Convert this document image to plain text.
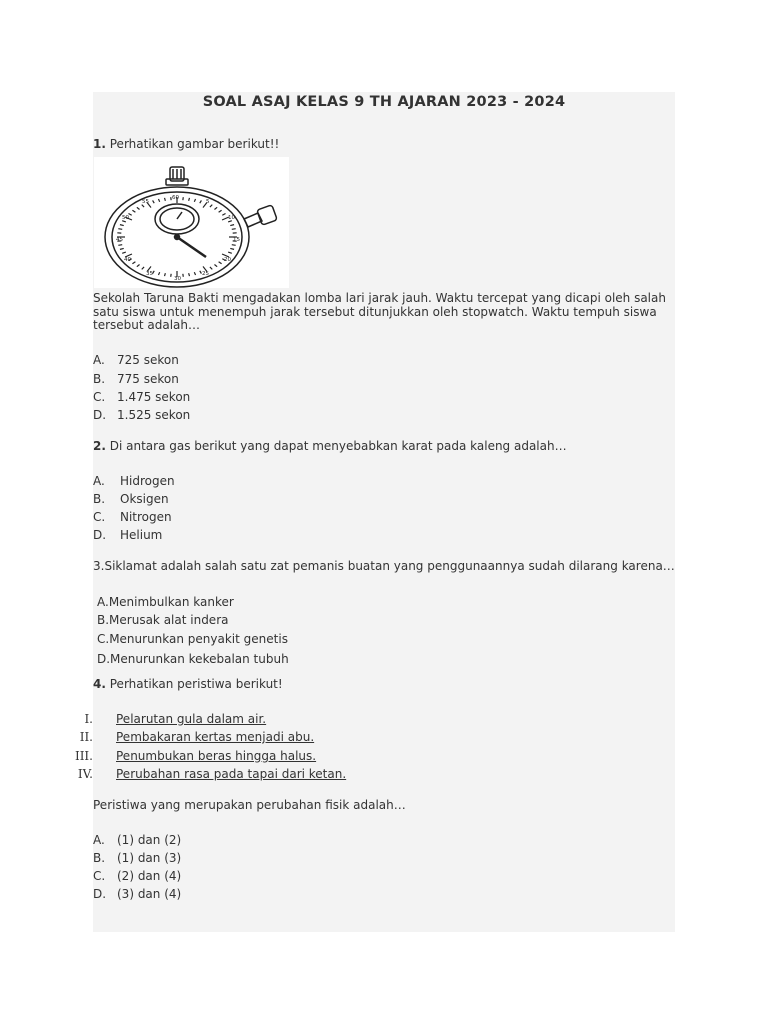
SOAL ASAJ KELAS 9 TH AJARAN 2023 - 2024
1. Perhatikan gambar berikut!!
60
5
10
15
20
25
30
35
40
45
50
55
Sekolah Taruna Bakti mengadakan lomba lari jarak jauh. Waktu tercepat yang dicapi oleh salah satu siswa untuk menempuh jarak tersebut ditunjukkan oleh stopwatch. Waktu tempuh siswa tersebut adalah…
A. 725 sekon
B. 775 sekon
C. 1.475 sekon
D. 1.525 sekon
2. Di antara gas berikut yang dapat menyebabkan karat pada kaleng adalah…
A. Hidrogen
B. Oksigen
C. Nitrogen
D. Helium
3.Siklamat adalah salah satu zat pemanis buatan yang penggunaannya sudah dilarang karena…
A.Menimbulkan kanker
B.Merusak alat indera
C.Menurunkan penyakit genetis
D.Menurunkan kekebalan tubuh
4. Perhatikan peristiwa berikut!
I. Pelarutan gula dalam air.
II. Pembakaran kertas menjadi abu.
III. Penumbukan beras hingga halus.
IV. Perubahan rasa pada tapai dari ketan.
Peristiwa yang merupakan perubahan fisik adalah…
A. (1) dan (2)
B. (1) dan (3)
C. (2) dan (4)
D. (3) dan (4)
